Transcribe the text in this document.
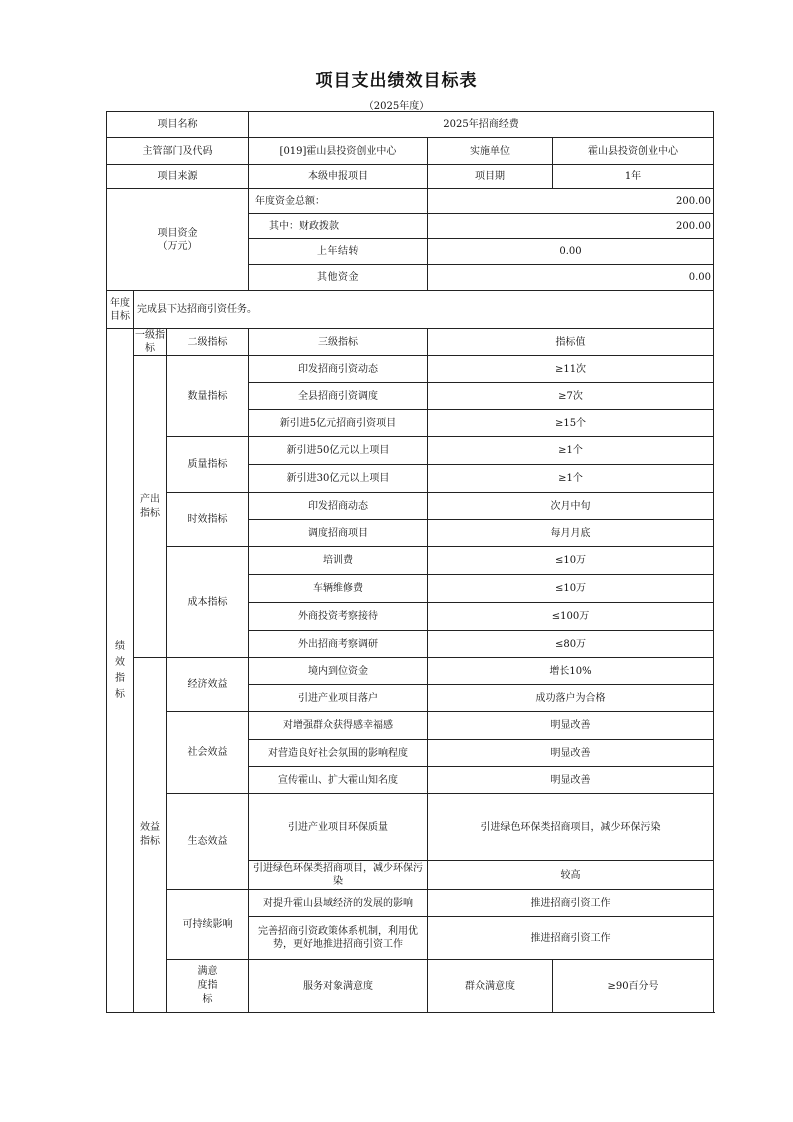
项目支出绩效目标表
（2025年度）
项目名称			2025年招商经费		
主管部门及代码			[019]霍山县投资创业中心	实施单位	霍山县投资创业中心
项目来源			本级申报项目	项目期	1年

项目资金
（万元）			年度资金总额：	200.00	
			其中：财政拨款	200.00	
			上年结转	0.00	
			其他资金	0.00	

年度
目标	完成县下达招商引资任务。				

绩效指标	一级指标	二级指标	三级指标	指标值	

	产出指标	数量指标	印发招商引资动态	≥11次	
			全县招商引资调度	≥7次	
			新引进5亿元招商引资项目	≥15个	
		质量指标	新引进50亿元以上项目	≥1个	
			新引进30亿元以上项目	≥1个	
		时效指标	印发招商动态	次月中旬	
			调度招商项目	每月月底	
		成本指标	培训费	≤10万	
			车辆维修费	≤10万	
			外商投资考察接待	≤100万	
			外出招商考察调研	≤80万	

	效益指标	经济效益	境内到位资金	增长10%	
			引进产业项目落户	成功落户为合格	
		社会效益	对增强群众获得感幸福感	明显改善	
			对营造良好社会氛围的影响程度	明显改善	
			宣传霍山、扩大霍山知名度	明显改善	
		生态效益	引进产业项目环保质量	引进绿色环保类招商项目，减少环保污染	
			引进绿色环保类招商项目，减少环保污染	较高	
		可持续影响	对提升霍山县域经济的发展的影响	推进招商引资工作	
			完善招商引资政策体系机制，利用优势，更好地推进招商引资工作	推进招商引资工作	

		满意度指标	服务对象满意度	群众满意度	≥90百分号
